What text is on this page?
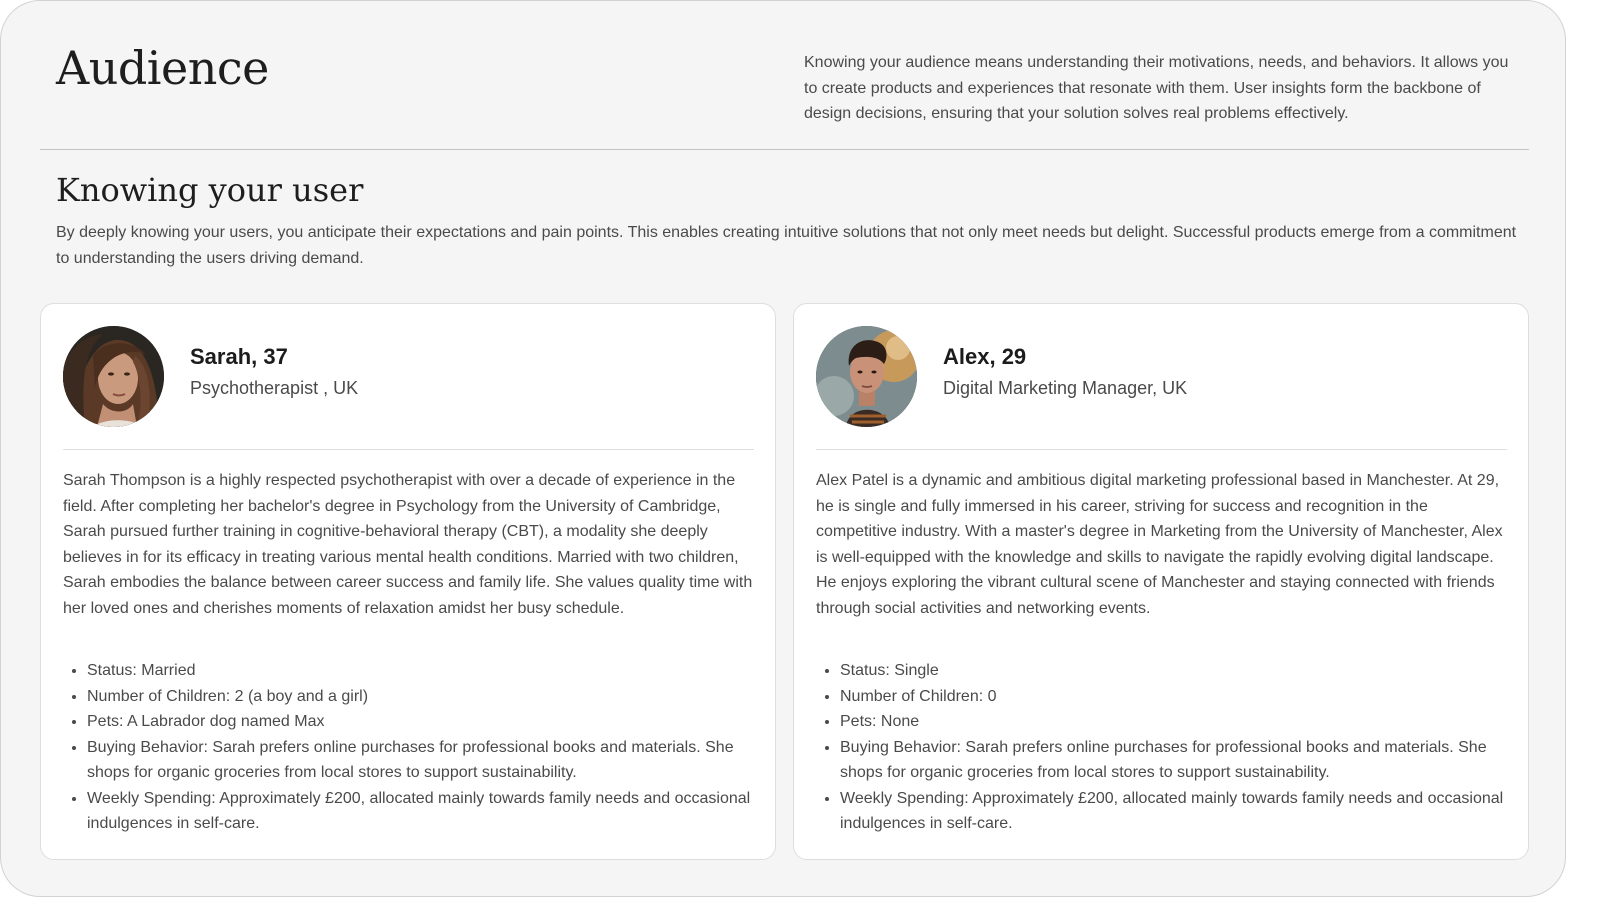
Audience	Knowing your audience means understanding their motivations, needs, and behaviors. It allows you to create products and experiences that resonate with them. User insights form the backbone of design decisions, ensuring that your solution solves real problems effectively.

Knowing your user

By deeply knowing your users, you anticipate their expectations and pain points. This enables creating intuitive solutions that not only meet needs but delight. Successful products emerge from a commitment to understanding the users driving demand.

Sarah, 37

Psychotherapist , UK

Sarah Thompson is a highly respected psychotherapist with over a decade of experience in the field. After completing her bachelor's degree in Psychology from the University of Cambridge, Sarah pursued further training in cognitive-behavioral therapy (CBT), a modality she deeply believes in for its efficacy in treating various mental health conditions. Married with two children, Sarah embodies the balance between career success and family life. She values quality time with her loved ones and cherishes moments of relaxation amidst her busy schedule.

• Status: Married
• Number of Children: 2 (a boy and a girl)
• Pets: A Labrador dog named Max
• Buying Behavior: Sarah prefers online purchases for professional books and materials. She shops for organic groceries from local stores to support sustainability.
• Weekly Spending: Approximately £200, allocated mainly towards family needs and occasional indulgences in self-care.
Alex, 29

Digital Marketing Manager, UK

Alex Patel is a dynamic and ambitious digital marketing professional based in Manchester. At 29, he is single and fully immersed in his career, striving for success and recognition in the competitive industry. With a master's degree in Marketing from the University of Manchester, Alex is well-equipped with the knowledge and skills to navigate the rapidly evolving digital landscape. He enjoys exploring the vibrant cultural scene of Manchester and staying connected with friends through social activities and networking events.

• Status: Single
• Number of Children: 0
• Pets: None
• Buying Behavior: Sarah prefers online purchases for professional books and materials. She shops for organic groceries from local stores to support sustainability.
• Weekly Spending: Approximately £200, allocated mainly towards family needs and occasional indulgences in self-care.
